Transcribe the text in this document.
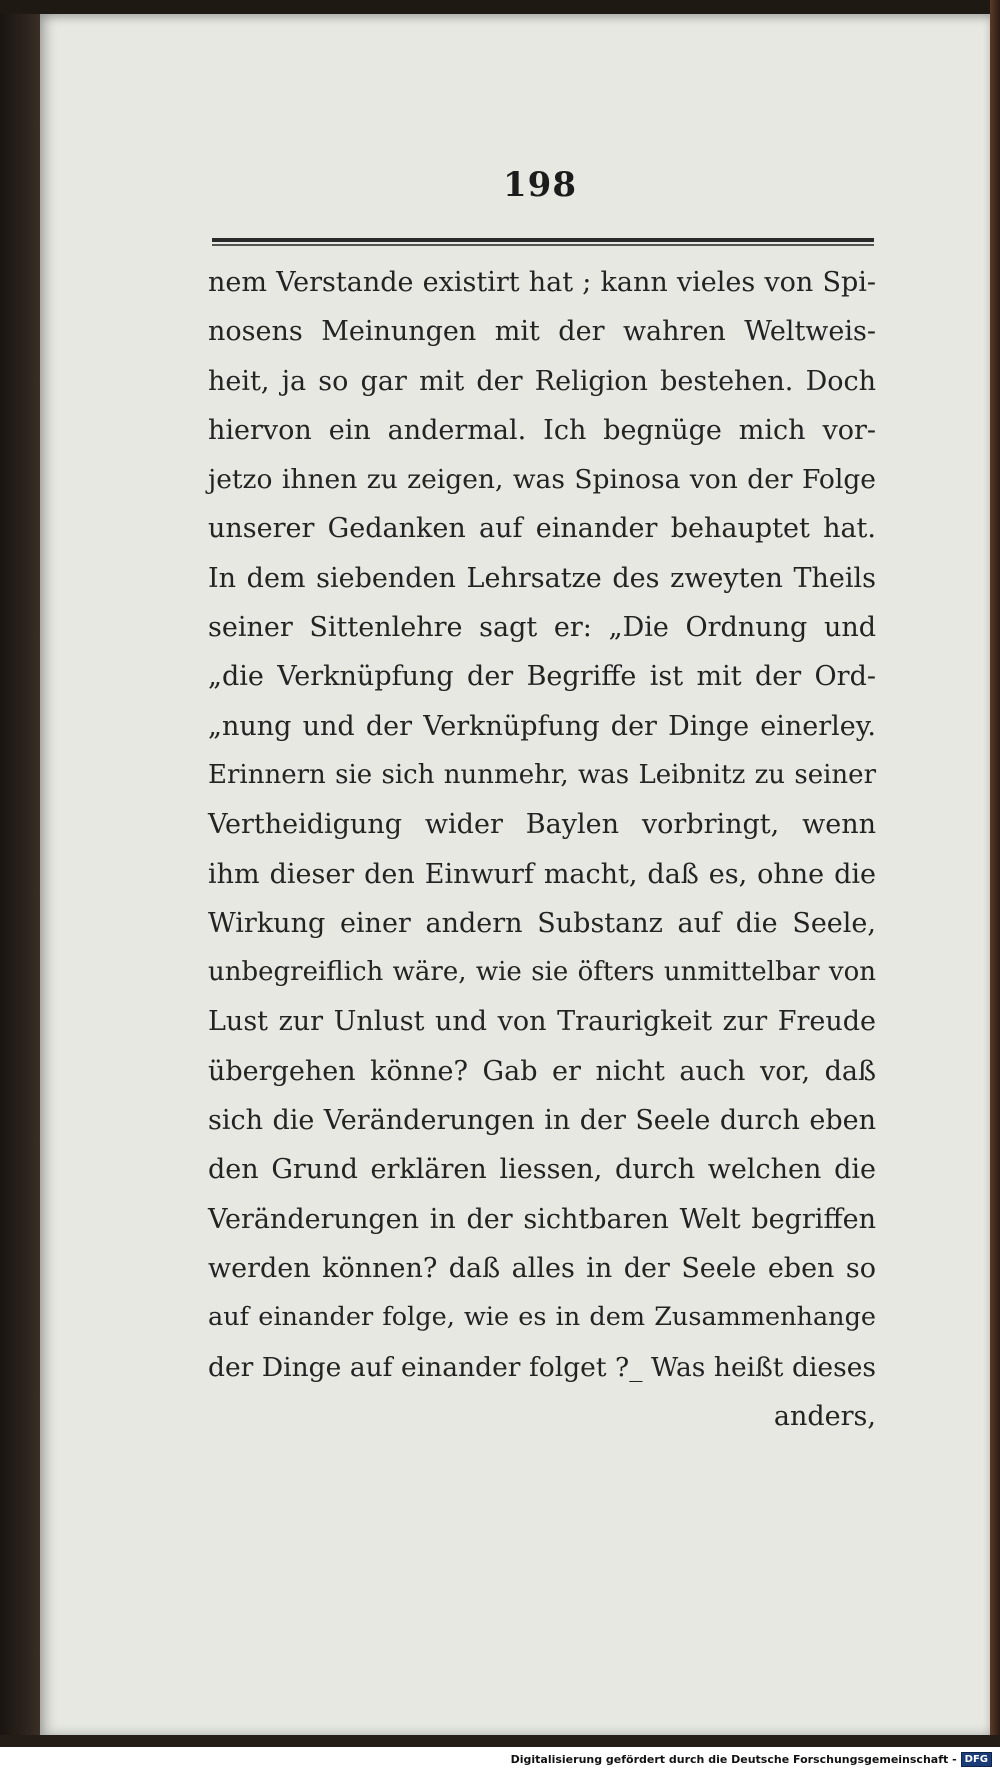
198
nem Verstande existirt hat ; kann vieles von Spi-
nosens Meinungen mit der wahren Weltweis-
heit, ja so gar mit der Religion bestehen. Doch
hiervon ein andermal. Ich begnüge mich vor-
jetzo ihnen zu zeigen, was Spinosa von der Folge
unserer Gedanken auf einander behauptet hat.
In dem siebenden Lehrsatze des zweyten Theils
seiner Sittenlehre sagt er: „Die Ordnung und
„die Verknüpfung der Begriffe ist mit der Ord-
„nung und der Verknüpfung der Dinge einerley.
Erinnern sie sich nunmehr, was Leibnitz zu seiner
Vertheidigung wider Baylen vorbringt, wenn
ihm dieser den Einwurf macht, daß es, ohne die
Wirkung einer andern Substanz auf die Seele,
unbegreiflich wäre, wie sie öfters unmittelbar von
Lust zur Unlust und von Traurigkeit zur Freude
übergehen könne? Gab er nicht auch vor, daß
sich die Veränderungen in der Seele durch eben
den Grund erklären liessen, durch welchen die
Veränderungen in der sichtbaren Welt begriffen
werden können? daß alles in der Seele eben so
auf einander folge, wie es in dem Zusammenhange
der Dinge auf einander folget ?_ Was heißt dieses
anders,
Digitalisierung gefördert durch die Deutsche Forschungsgemeinschaft - DFG
